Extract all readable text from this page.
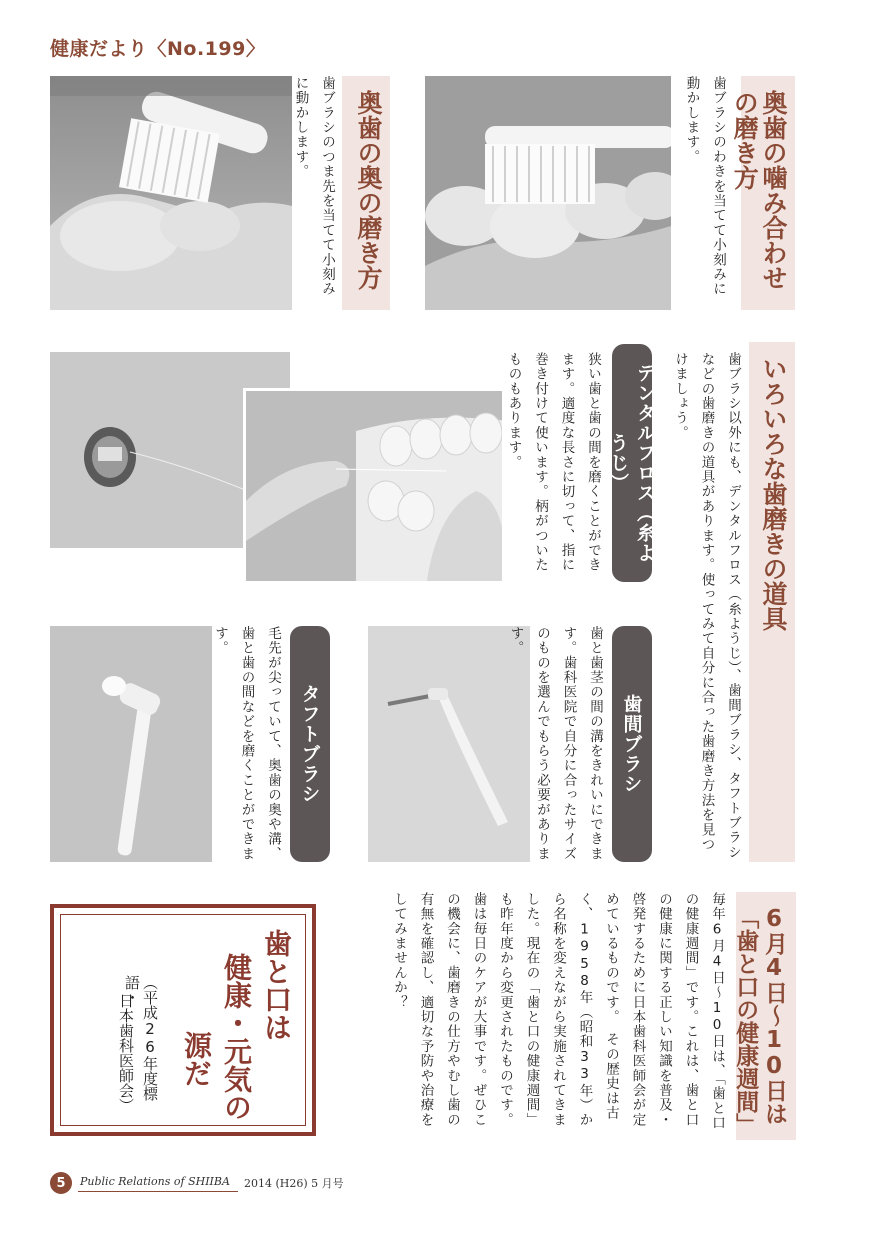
健康だより〈No.199〉
歯ブラシのつま先を当てて小刻みに動かします。	奥歯の奥の磨き方	歯ブラシのわきを当てて小刻みに動かします。	奥歯の噛み合わせの磨き方
狭い歯と歯の間を磨くことができます。適度な長さに切って、指に巻き付けて使います。柄がついたものもあります。	デンタルフロス（糸ようじ）	歯ブラシ以外にも、デンタルフロス（糸ようじ）、歯間ブラシ、タフトブラシなどの歯磨きの道具があります。使ってみて自分に合った歯磨き方法を見つけましょう。	いろいろな歯磨きの道具
毛先が尖っていて、奥歯の奥や溝、歯と歯の間などを磨くことができます。
タフトブラシ	歯と歯茎の間の溝をきれいにできます。歯科医院で自分に合ったサイズのものを選んでもらう必要があります。
歯間ブラシ
毎年6月4日～10日は、「歯と口の健康週間」です。これは、歯と口の健康に関する正しい知識を普及・啓発するために日本歯科医師会が定めているものです。　その歴史は古く、1958年（昭和33年）から名称を変えながら実施されてきました。現在の「歯と口の健康週間」も昨年度から変更されたものです。　歯は毎日のケアが大事です。ぜひこの機会に、歯磨きの仕方やむし歯の有無を確認し、適切な予防や治療をしてみませんか？	6月4日～10日は「歯と口の健康週間」
歯と口は
健康・元気の
源だ
（平成26年度標語・
日本歯科医師会）
5	Public Relations of SHIIBA 2014 (H26) 5 月号
